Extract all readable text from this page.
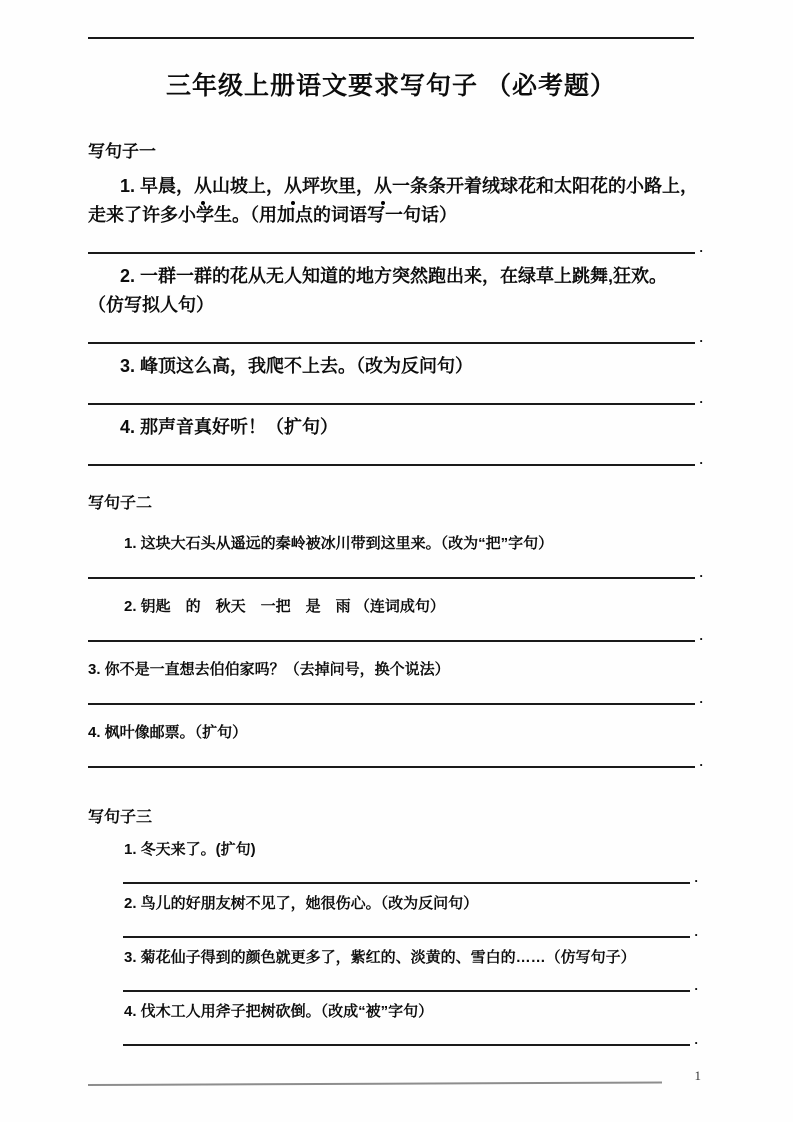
三年级上册语文要求写句子 （必考题）
写句子一
1. 早晨，从山坡上，从坪坎里，从一条条开着绒球花和太阳花的小路上，
走来了许多小学生。（用加点的词语写一句话）
.
2. 一群一群的花从无人知道的地方突然跑出来，在绿草上跳舞,狂欢。
（仿写拟人句）
.
3. 峰顶这么高，我爬不上去。（改为反问句）
.
4. 那声音真好听！（扩句）
.
写句子二
1. 这块大石头从遥远的秦岭被冰川带到这里来。（改为“把”字句）
.
2. 钥匙　的　秋天　一把　是　雨 （连词成句）
.
3. 你不是一直想去伯伯家吗？（去掉问号，换个说法）
.
4. 枫叶像邮票。（扩句）
.
写句子三
1. 冬天来了。(扩句)
.
2. 鸟儿的好朋友树不见了，她很伤心。（改为反问句）
.
3. 菊花仙子得到的颜色就更多了，紫红的、淡黄的、雪白的……（仿写句子）
.
4. 伐木工人用斧子把树砍倒。（改成“被”字句）
.
1
